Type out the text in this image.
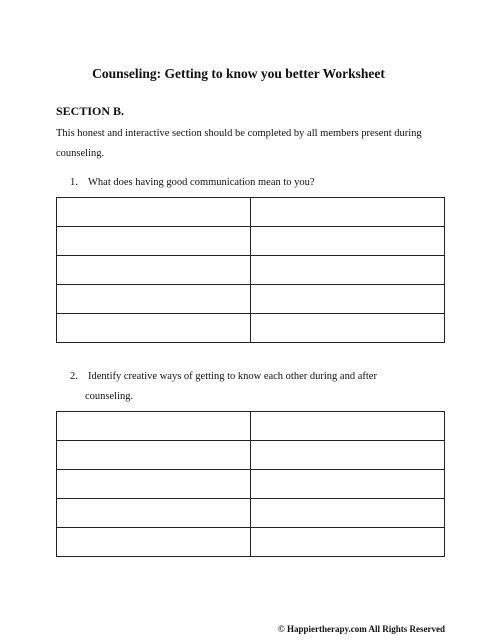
Counseling: Getting to know you better Worksheet
SECTION B.
This honest and interactive section should be completed by all members present during counseling.
1. What does having good communication mean to you?

2. Identify creative ways of getting to know each other during and after
counseling.

© Happiertherapy.com All Rights Reserved
